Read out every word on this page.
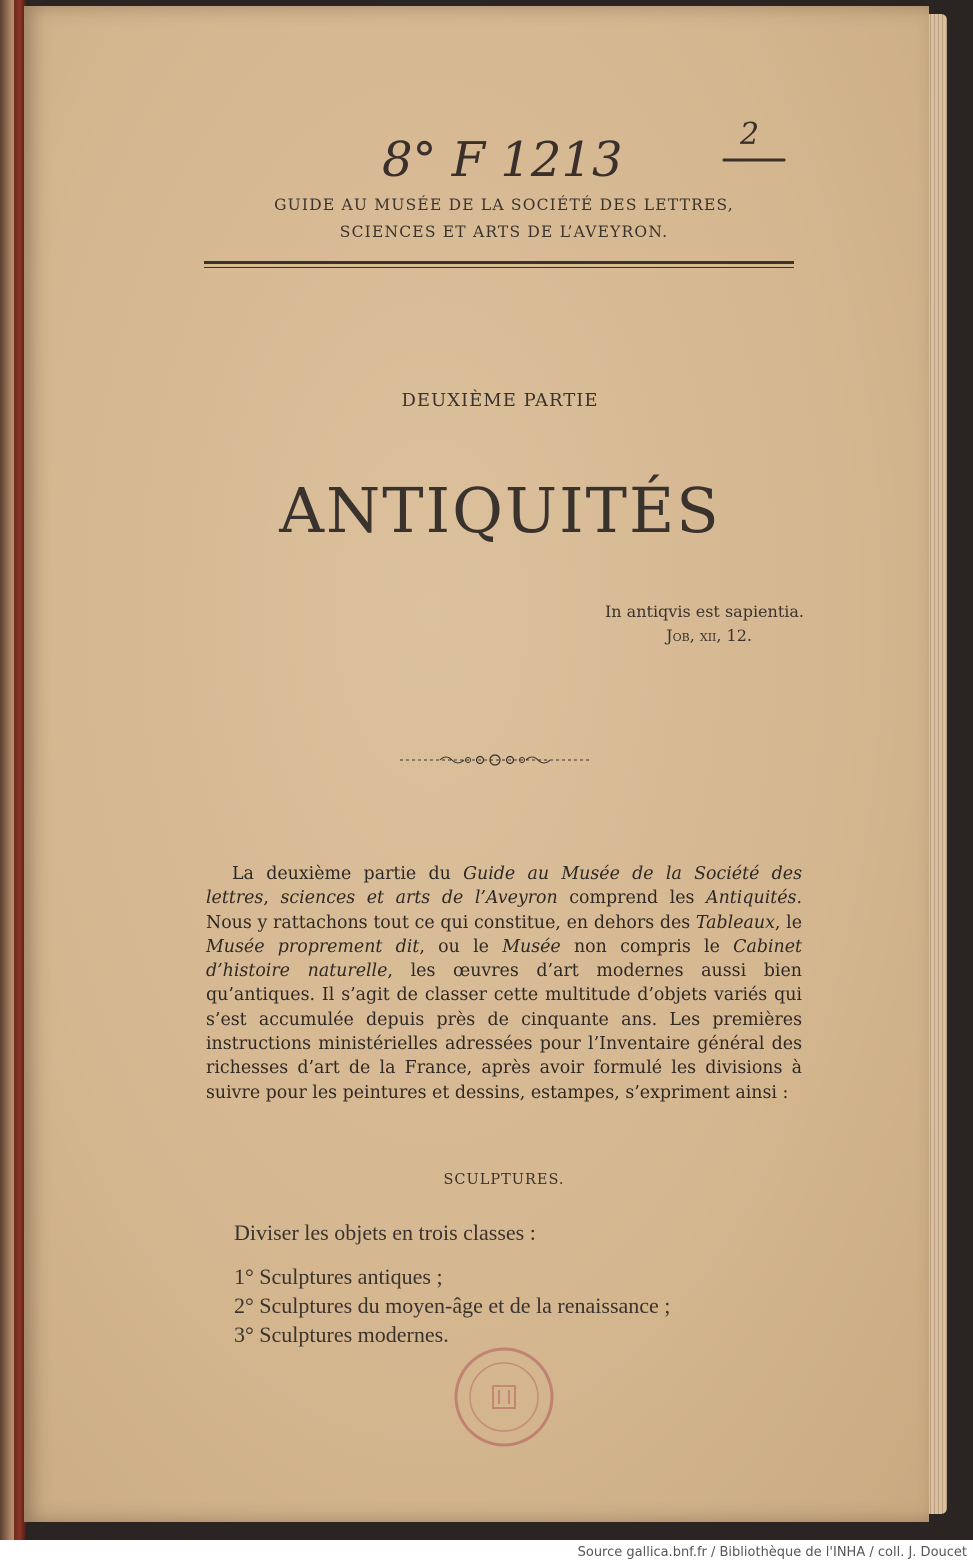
8° F 1213	2
GUIDE AU MUSÉE DE LA SOCIÉTÉ DES LETTRES,
SCIENCES ET ARTS DE L’AVEYRON.
DEUXIÈME PARTIE
ANTIQUITÉS
In antiqvis est sapientia.
Job, xii, 12.

La deuxième partie du Guide au Musée de la Société des lettres, sciences et arts de l’Aveyron comprend les Antiquités. Nous y rattachons tout ce qui constitue, en dehors des Tableaux, le Musée proprement dit, ou le Musée non compris le Cabinet d’histoire naturelle, les œuvres d’art modernes aussi bien qu’antiques. Il s’agit de classer cette multitude d’objets variés qui s’est accumulée depuis près de cinquante ans. Les premières instructions ministérielles adressées pour l’Inventaire général des richesses d’art de la France, après avoir formulé les divisions à suivre pour les peintures et dessins, estampes, s’expriment ainsi :

SCULPTURES.
Diviser les objets en trois classes :
1° Sculptures antiques ;
2° Sculptures du moyen-âge et de la renaissance ;
3° Sculptures modernes.
Source gallica.bnf.fr / Bibliothèque de l'INHA / coll. J. Doucet
